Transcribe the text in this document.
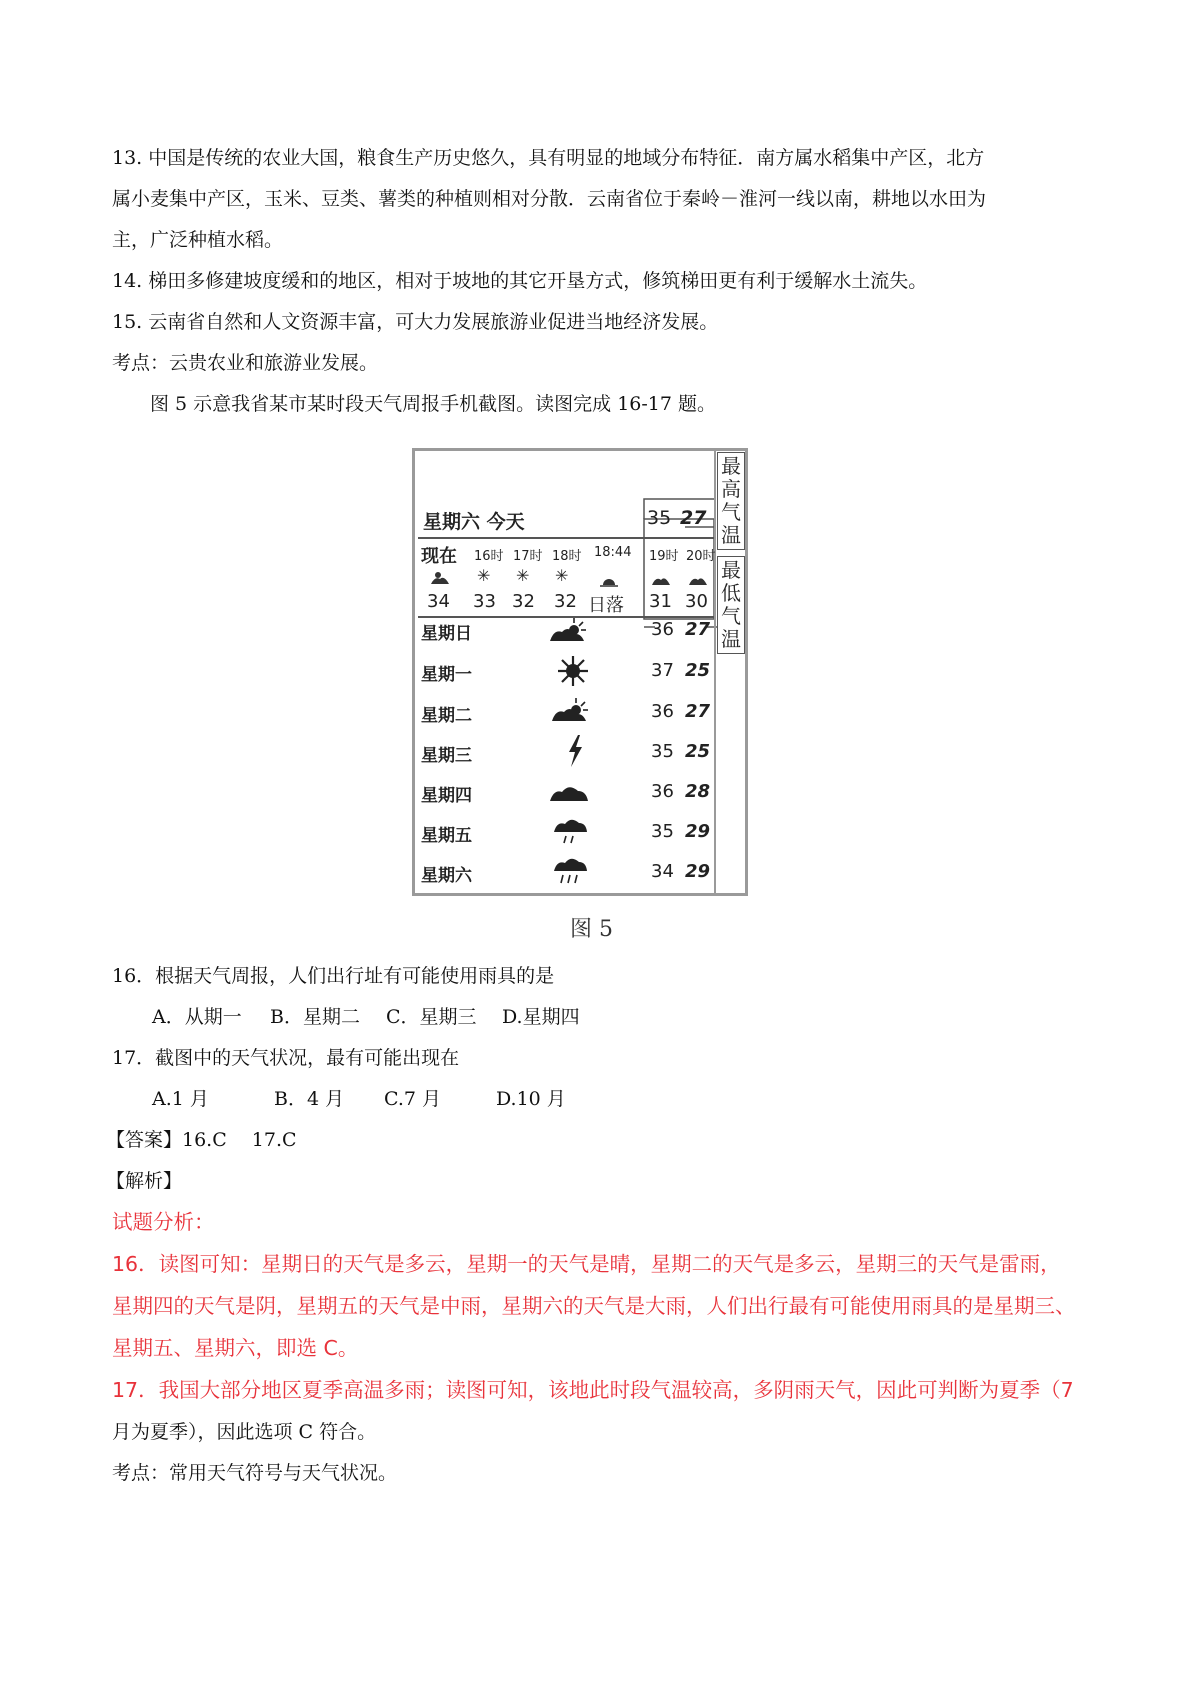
13. 中国是传统的农业大国，粮食生产历史悠久，具有明显的地域分布特征．南方属水稻集中产区，北方

属小麦集中产区，玉米、豆类、薯类的种植则相对分散．云南省位于秦岭－淮河一线以南，耕地以水田为

主，广泛种植水稻。

14. 梯田多修建坡度缓和的地区，相对于坡地的其它开垦方式，修筑梯田更有利于缓解水土流失。

15. 云南省自然和人文资源丰富，可大力发展旅游业促进当地经济发展。

考点：云贵农业和旅游业发展。

图 5 示意我省某市某时段天气周报手机截图。读图完成 16-17 题。

星期六 今天	35 27
现在 16时 17时 18时 18:44 19时 20时
✳ ✳ ✳
34 33 32 32 日落 31 30
星期日	36 27
星期一	37 25
星期二	36 27
星期三	35 25
星期四	36 28
星期五	35 29
星期六	34 29
最
高
气
温
最
低
气
温
图 5

16．根据天气周报，人们出行址有可能使用雨具的是

A．从期一 B．星期二 C．星期三 D.星期四

17．截图中的天气状况，最有可能出现在

A.1 月	B．4 月 C.7 月	D.10 月

【答案】16.C　 17.C

【解析】

试题分析：

16．读图可知：星期日的天气是多云，星期一的天气是晴，星期二的天气是多云，星期三的天气是雷雨，

星期四的天气是阴，星期五的天气是中雨，星期六的天气是大雨，人们出行最有可能使用雨具的是星期三、

星期五、星期六，即选 C。

17．我国大部分地区夏季高温多雨；读图可知，该地此时段气温较高，多阴雨天气，因此可判断为夏季（7

月为夏季），因此选项 C 符合。

考点：常用天气符号与天气状况。
